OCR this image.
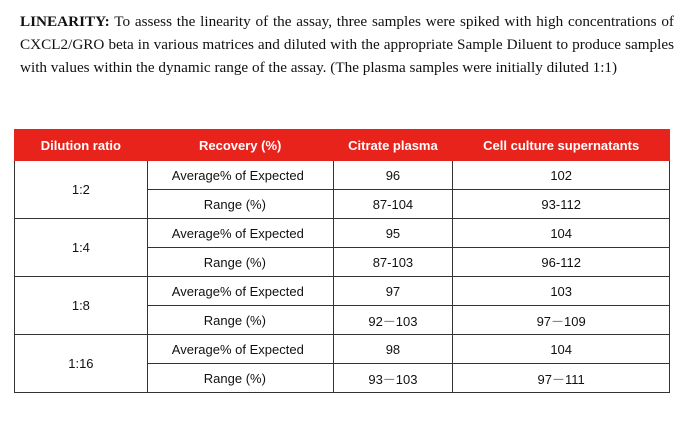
LINEARITY: To assess the linearity of the assay, three samples were spiked with high concentrations of CXCL2/GRO beta in various matrices and diluted with the appropriate Sample Diluent to produce samples with values within the dynamic range of the assay. (The plasma samples were initially diluted 1:1)

Dilution ratio	Recovery (%)	Citrate plasma	Cell culture supernatants
1:2	Average% of Expected	96	102
	Range (%)	87-104	93-112
1:4	Average% of Expected	95	104
	Range (%)	87-103	96-112
1:8	Average% of Expected	97	103
	Range (%)	92－103	97－109
1:16	Average% of Expected	98	104
	Range (%)	93－103	97－111
